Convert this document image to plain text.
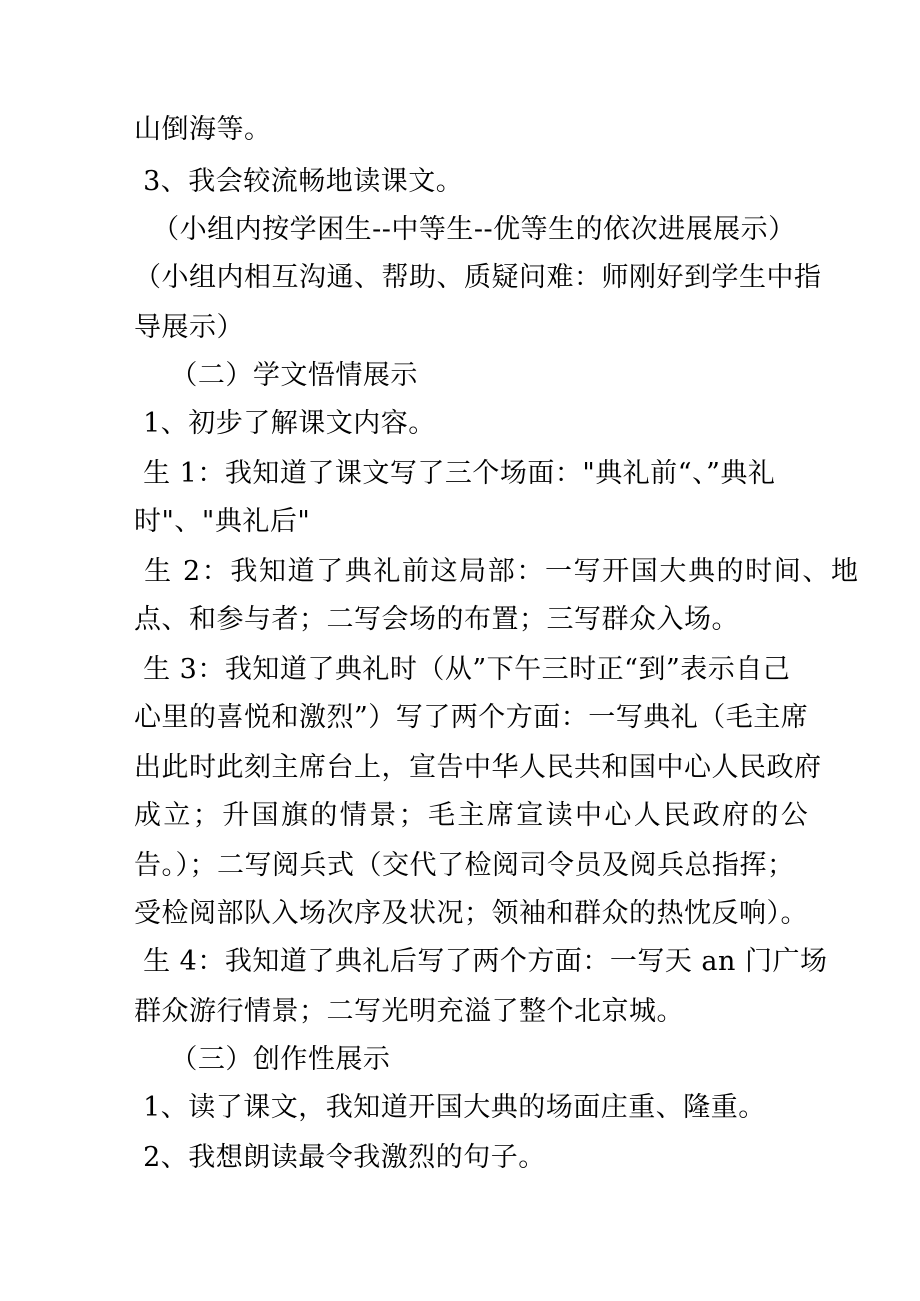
山倒海等。
3、我会较流畅地读课文。
（小组内按学困生--中等生--优等生的依次进展展示）
（小组内相互沟通、帮助、质疑问难：师刚好到学生中指
导展示）
（二）学文悟情展示
1、初步了解课文内容。
生 1：我知道了课文写了三个场面："典礼前“、”典礼
时"、"典礼后"
生 2：我知道了典礼前这局部：一写开国大典的时间、地
点、和参与者；二写会场的布置；三写群众入场。
生 3：我知道了典礼时（从”下午三时正“到”表示自己
心里的喜悦和激烈”）写了两个方面：一写典礼（毛主席
出此时此刻主席台上，宣告中华人民共和国中心人民政府
成立；升国旗的情景；毛主席宣读中心人民政府的公
告。）；二写阅兵式（交代了检阅司令员及阅兵总指挥；
受检阅部队入场次序及状况；领袖和群众的热忱反响）。
生 4：我知道了典礼后写了两个方面：一写天 an 门广场
群众游行情景；二写光明充溢了整个北京城。
（三）创作性展示
1、读了课文，我知道开国大典的场面庄重、隆重。
2、我想朗读最令我激烈的句子。
